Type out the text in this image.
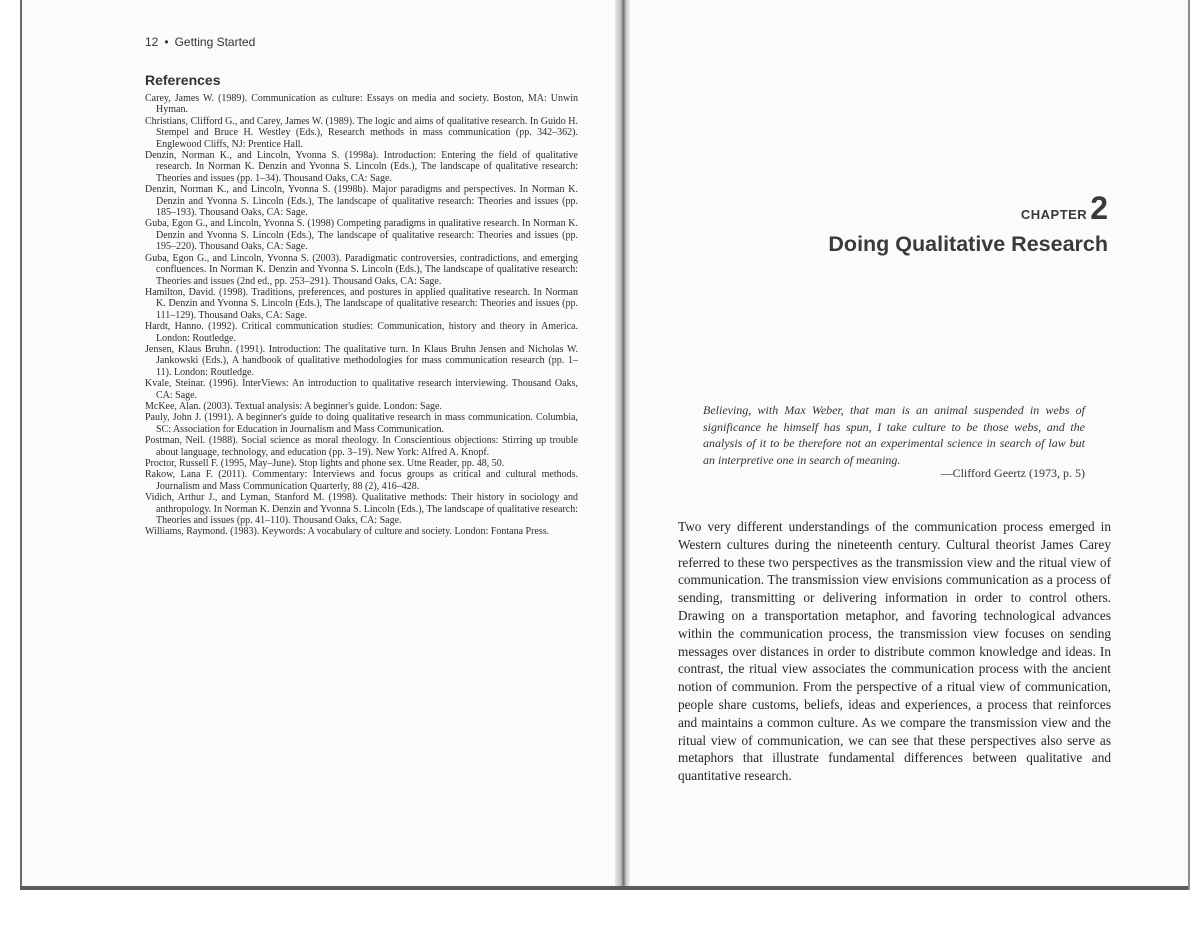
12 • Getting Started
References
Carey, James W. (1989). Communication as culture: Essays on media and society. Boston, MA: Unwin Hyman.
Christians, Clifford G., and Carey, James W. (1989). The logic and aims of qualitative research. In Guido H. Stempel and Bruce H. Westley (Eds.), Research methods in mass communication (pp. 342–362). Englewood Cliffs, NJ: Prentice Hall.
Denzin, Norman K., and Lincoln, Yvonna S. (1998a). Introduction: Entering the field of qualitative research. In Norman K. Denzin and Yvonna S. Lincoln (Eds.), The landscape of qualitative research: Theories and issues (pp. 1–34). Thousand Oaks, CA: Sage.
Denzin, Norman K., and Lincoln, Yvonna S. (1998b). Major paradigms and perspectives. In Norman K. Denzin and Yvonna S. Lincoln (Eds.), The landscape of qualitative research: Theories and issues (pp. 185–193). Thousand Oaks, CA: Sage.
Guba, Egon G., and Lincoln, Yvonna S. (1998) Competing paradigms in qualitative research. In Norman K. Denzin and Yvonna S. Lincoln (Eds.), The landscape of qualitative research: Theories and issues (pp. 195–220). Thousand Oaks, CA: Sage.
Guba, Egon G., and Lincoln, Yvonna S. (2003). Paradigmatic controversies, contradictions, and emerging confluences. In Norman K. Denzin and Yvonna S. Lincoln (Eds.), The landscape of qualitative research: Theories and issues (2nd ed., pp. 253–291). Thousand Oaks, CA: Sage.
Hamilton, David. (1998). Traditions, preferences, and postures in applied qualitative research. In Norman K. Denzin and Yvonna S. Lincoln (Eds.), The landscape of qualitative research: Theories and issues (pp. 111–129). Thousand Oaks, CA: Sage.
Hardt, Hanno. (1992). Critical communication studies: Communication, history and theory in America. London: Routledge.
Jensen, Klaus Bruhn. (1991). Introduction: The qualitative turn. In Klaus Bruhn Jensen and Nicholas W. Jankowski (Eds.), A handbook of qualitative methodologies for mass communication research (pp. 1–11). London: Routledge.
Kvale, Steinar. (1996). InterViews: An introduction to qualitative research interviewing. Thousand Oaks, CA: Sage.
McKee, Alan. (2003). Textual analysis: A beginner's guide. London: Sage.
Pauly, John J. (1991). A beginner's guide to doing qualitative research in mass communication. Columbia, SC: Association for Education in Journalism and Mass Communication.
Postman, Neil. (1988). Social science as moral theology. In Conscientious objections: Stirring up trouble about language, technology, and education (pp. 3–19). New York: Alfred A. Knopf.
Proctor, Russell F. (1995, May–June). Stop lights and phone sex. Utne Reader, pp. 48, 50.
Rakow, Lana F. (2011). Commentary: Interviews and focus groups as critical and cultural methods. Journalism and Mass Communication Quarterly, 88 (2), 416–428.
Vidich, Arthur J., and Lyman, Stanford M. (1998). Qualitative methods: Their history in sociology and anthropology. In Norman K. Denzin and Yvonna S. Lincoln (Eds.), The landscape of qualitative research: Theories and issues (pp. 41–110). Thousand Oaks, CA: Sage.
Williams, Raymond. (1983). Keywords: A vocabulary of culture and society. London: Fontana Press.
CHAPTER2
Doing Qualitative Research

Believing, with Max Weber, that man is an animal suspended in webs of significance he himself has spun, I take culture to be those webs, and the analysis of it to be therefore not an experimental science in search of law but an interpretive one in search of meaning.

—Clifford Geertz (1973, p. 5)

Two very different understandings of the communication process emerged in Western cultures during the nineteenth century. Cultural theorist James Carey referred to these two perspectives as the transmission view and the ritual view of communication. The transmission view envisions communication as a process of sending, transmitting or delivering information in order to control others. Drawing on a transportation metaphor, and favoring technological advances within the communication process, the transmission view focuses on sending messages over distances in order to distribute common knowledge and ideas. In contrast, the ritual view associates the communication process with the ancient notion of communion. From the perspective of a ritual view of communication, people share customs, beliefs, ideas and experiences, a process that reinforces and maintains a common culture. As we compare the transmission view and the ritual view of communication, we can see that these perspectives also serve as metaphors that illustrate fundamental differences between qualitative and quantitative research.
